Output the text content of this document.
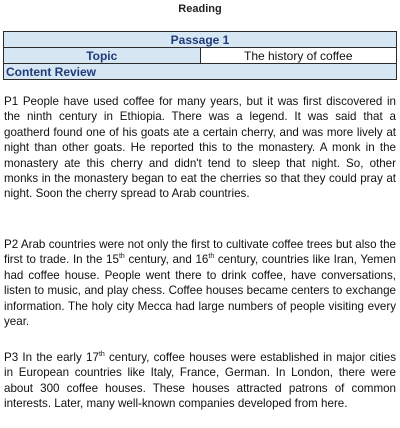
Reading
Passage 1
Topic	The history of coffee
Content Review
P1 People have used coffee for many years, but it was first discovered in the ninth century in Ethiopia. There was a legend. It was said that a goatherd found one of his goats ate a certain cherry, and was more lively at night than other goats. He reported this to the monastery. A monk in the monastery ate this cherry and didn't tend to sleep that night. So, other monks in the monastery began to eat the cherries so that they could pray at night. Soon the cherry spread to Arab countries.
P2 Arab countries were not only the first to cultivate coffee trees but also the first to trade. In the 15th century, and 16th century, countries like Iran, Yemen had coffee house. People went there to drink coffee, have conversations, listen to music, and play chess. Coffee houses became centers to exchange information. The holy city Mecca had large numbers of people visiting every year.
P3 In the early 17th century, coffee houses were established in major cities in European countries like Italy, France, German. In London, there were about 300 coffee houses. These houses attracted patrons of common interests. Later, many well-known companies developed from here.
